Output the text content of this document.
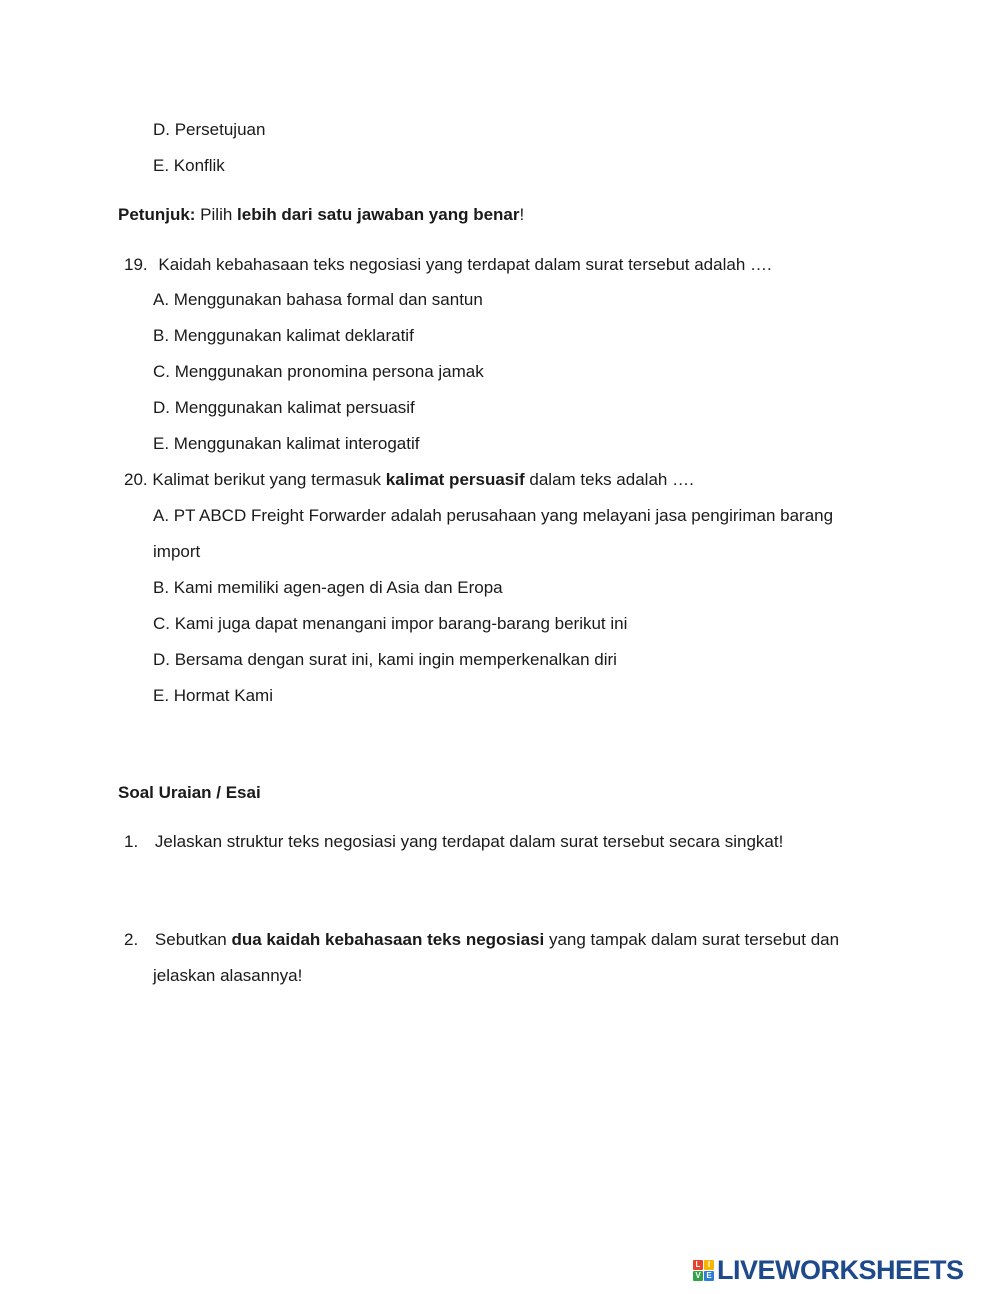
D. Persetujuan
E. Konflik
Petunjuk: Pilih lebih dari satu jawaban yang benar!
19. Kaidah kebahasaan teks negosiasi yang terdapat dalam surat tersebut adalah ….
A. Menggunakan bahasa formal dan santun
B. Menggunakan kalimat deklaratif
C. Menggunakan pronomina persona jamak
D. Menggunakan kalimat persuasif
E. Menggunakan kalimat interogatif
20. Kalimat berikut yang termasuk kalimat persuasif dalam teks adalah ….
A. PT ABCD Freight Forwarder adalah perusahaan yang melayani jasa pengiriman barang
import
B. Kami memiliki agen-agen di Asia dan Eropa
C. Kami juga dapat menangani impor barang-barang berikut ini
D. Bersama dengan surat ini, kami ingin memperkenalkan diri
E. Hormat Kami
Soal Uraian / Esai
1. Jelaskan struktur teks negosiasi yang terdapat dalam surat tersebut secara singkat!
2. Sebutkan dua kaidah kebahasaan teks negosiasi yang tampak dalam surat tersebut dan
jelaskan alasannya!
L I
V E LIVEWORKSHEETS
